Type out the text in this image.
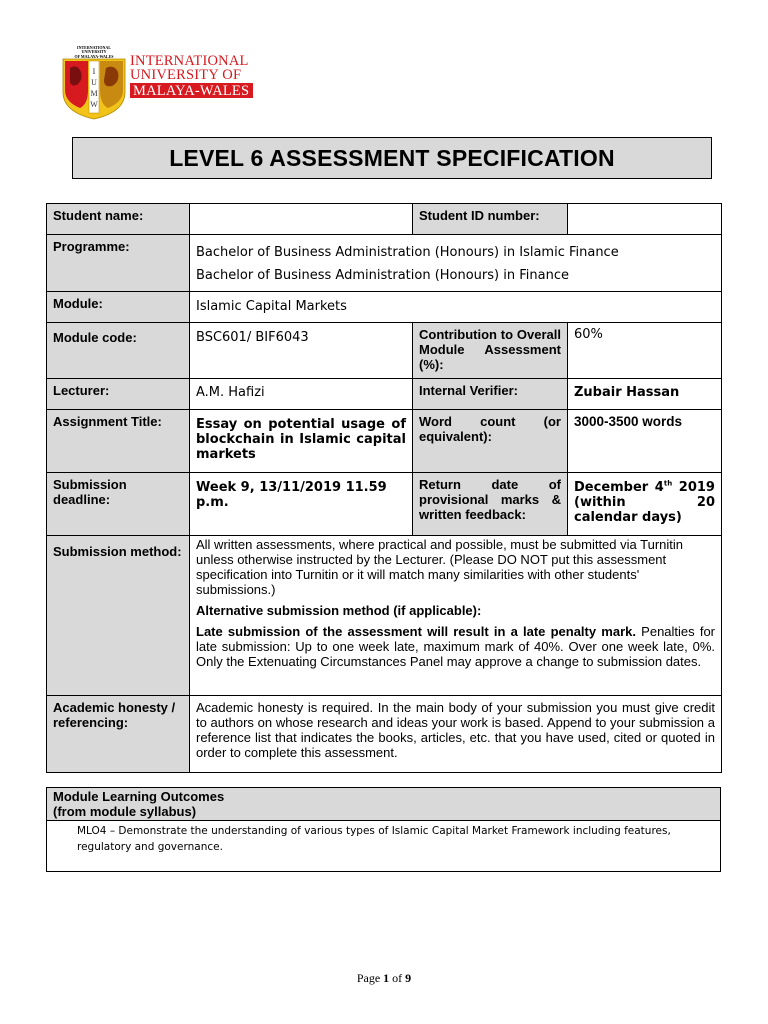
INTERNATIONAL
UNIVERSITY
OF MALAYA-WALES
I
U
M
W
INTERNATIONAL
UNIVERSITY OF
MALAYA-WALES
LEVEL 6 ASSESSMENT SPECIFICATION
Student name:		Student ID number:	
Programme:	Bachelor of Business Administration (Honours) in Islamic Finance
Bachelor of Business Administration (Honours) in Finance		

Module:	Islamic Capital Markets		
Module code:	BSC601/ BIF6043	Contribution to Overall Module Assessment (%):	60%
Lecturer:	A.M. Hafizi	Internal Verifier:	Zubair Hassan
Assignment Title:	Essay on potential usage of blockchain in Islamic capital markets	Word count (or equivalent):	3000-3500 words
Submission deadline:	Week 9, 13/11/2019 11.59 p.m.	Return date of provisional marks & written feedback:	December 4th 2019 (within 20 calendar days)
Submission method:	All written assessments, where practical and possible, must be submitted via Turnitin unless otherwise instructed by the Lecturer. (Please DO NOT put this assessment specification into Turnitin or it will match many similarities with other students' submissions.)
Alternative submission method (if applicable):
Late submission of the assessment will result in a late penalty mark. Penalties for late submission: Up to one week late, maximum mark of 40%. Over one week late, 0%. Only the Extenuating Circumstances Panel may approve a change to submission dates.		

Academic honesty / referencing:	Academic honesty is required. In the main body of your submission you must give credit to authors on whose research and ideas your work is based. Append to your submission a reference list that indicates the books, articles, etc. that you have used, cited or quoted in order to complete this assessment.		
Module Learning Outcomes
(from module syllabus)

MLO4 – Demonstrate the understanding of various types of Islamic Capital Market Framework including features, regulatory and governance.
Page 1 of 9
